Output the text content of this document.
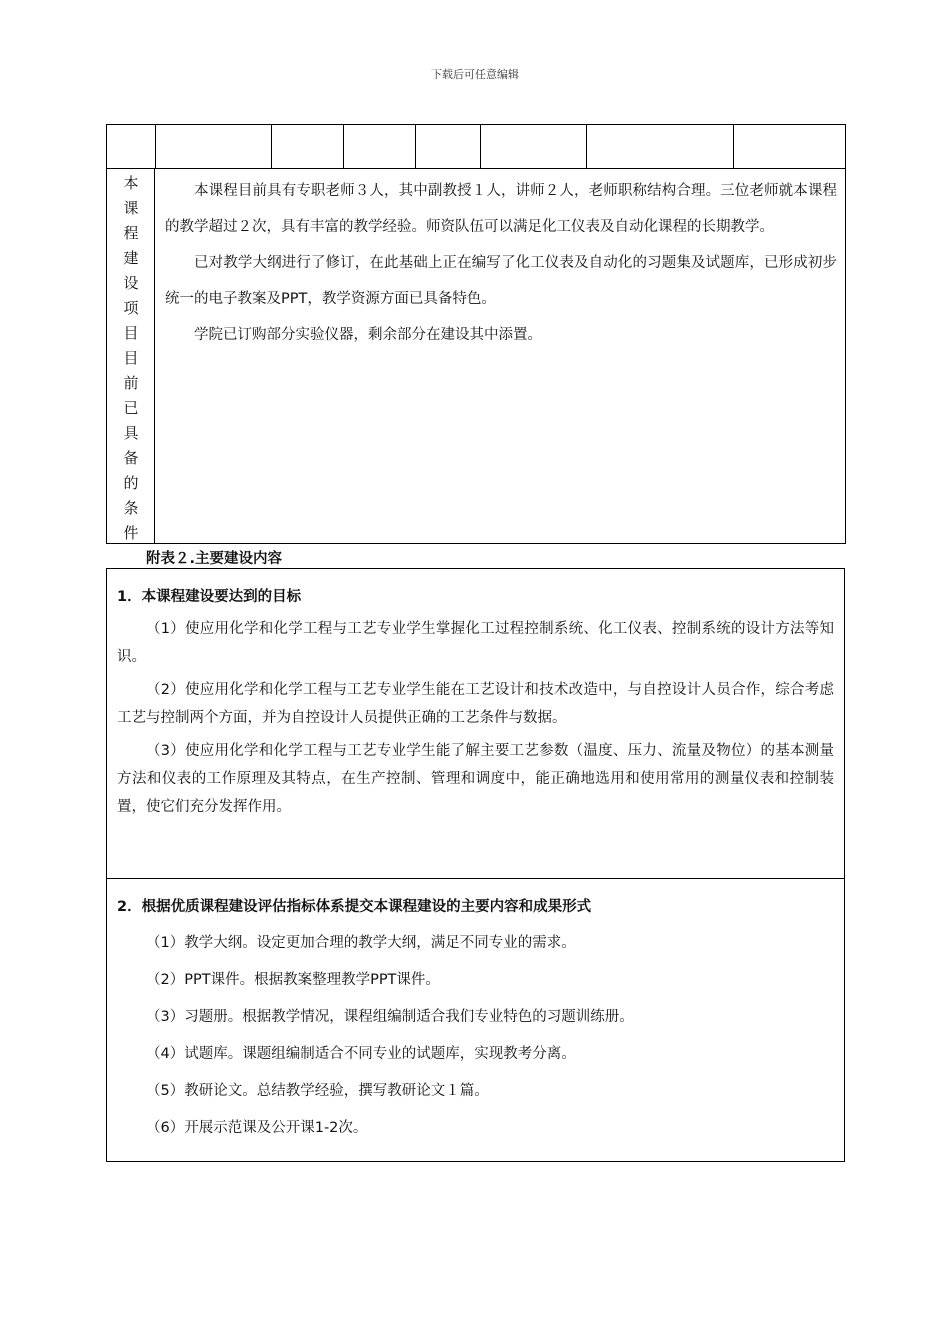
下载后可任意编辑
本
课
程
建
设
项
目
目
前
已
具
备
的
条
件

本课程目前具有专职老师３人，其中副教授１人，讲师２人，老师职称结构合理。三位老师就本课程的教学超过２次，具有丰富的教学经验。师资队伍可以满足化工仪表及自动化课程的长期教学。

已对教学大纲进行了修订，在此基础上正在编写了化工仪表及自动化的习题集及试题库，已形成初步统一的电子教案及PPT，教学资源方面已具备特色。

学院已订购部分实验仪器，剩余部分在建设其中添置。

附表２.主要建设内容
1．本课程建设要达到的目标

（1）使应用化学和化学工程与工艺专业学生掌握化工过程控制系统、化工仪表、控制系统的设计方法等知识。

（2）使应用化学和化学工程与工艺专业学生能在工艺设计和技术改造中，与自控设计人员合作，综合考虑工艺与控制两个方面，并为自控设计人员提供正确的工艺条件与数据。

（3）使应用化学和化学工程与工艺专业学生能了解主要工艺参数（温度、压力、流量及物位）的基本测量方法和仪表的工作原理及其特点，在生产控制、管理和调度中，能正确地选用和使用常用的测量仪表和控制装置，使它们充分发挥作用。

2．根据优质课程建设评估指标体系提交本课程建设的主要内容和成果形式
（1）教学大纲。设定更加合理的教学大纲，满足不同专业的需求。
（2）PPT课件。根据教案整理教学PPT课件。
（3）习题册。根据教学情况，课程组编制适合我们专业特色的习题训练册。
（4）试题库。课题组编制适合不同专业的试题库，实现教考分离。
（5）教研论文。总结教学经验，撰写教研论文１篇。
（6）开展示范课及公开课1-2次。
